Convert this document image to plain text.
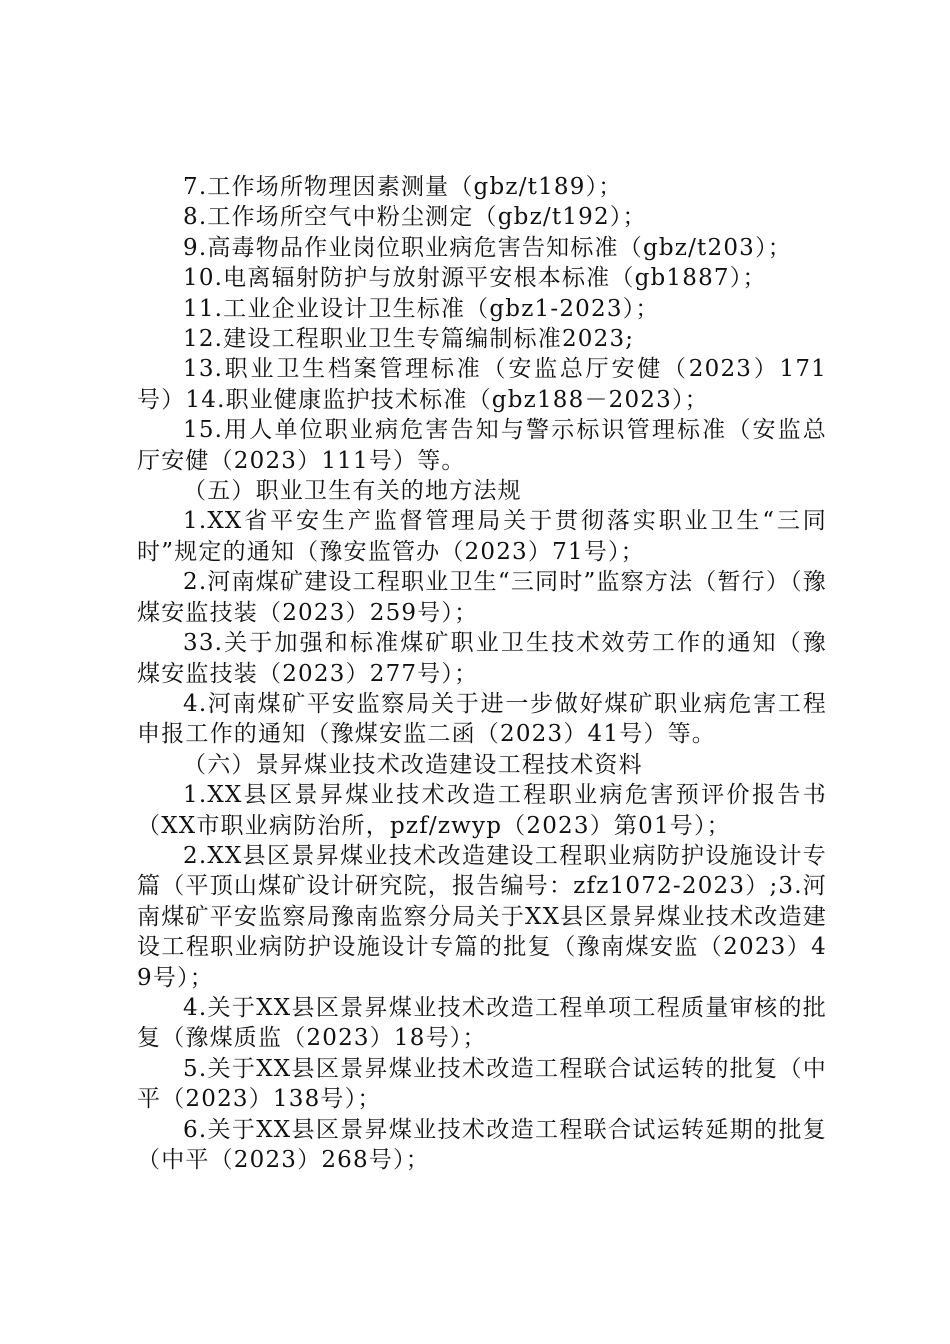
7.工作场所物理因素测量（gbz/t189）；

8.工作场所空气中粉尘测定（gbz/t192）；

9.高毒物品作业岗位职业病危害告知标准（gbz/t203）；

10.电离辐射防护与放射源平安根本标准（gb1887）；

11.工业企业设计卫生标准（gbz1-2023）；

12.建设工程职业卫生专篇编制标准2023;

13.职业卫生档案管理标准（安监总厅安健（2023）171号）14.职业健康监护技术标准（gbz188－2023）；

15.用人单位职业病危害告知与警示标识管理标准（安监总厅安健（2023）111号）等。

（五）职业卫生有关的地方法规

1.XX省平安生产监督管理局关于贯彻落实职业卫生“三同时”规定的通知（豫安监管办（2023）71号）；

2.河南煤矿建设工程职业卫生“三同时”监察方法（暂行）（豫煤安监技装（2023）259号）；

33.关于加强和标准煤矿职业卫生技术效劳工作的通知（豫煤安监技装（2023）277号）；

4.河南煤矿平安监察局关于进一步做好煤矿职业病危害工程申报工作的通知（豫煤安监二函（2023）41号）等。

（六）景昇煤业技术改造建设工程技术资料

1.XX县区景昇煤业技术改造工程职业病危害预评价报告书（XX市职业病防治所，pzf/zwyp（2023）第01号）；

2.XX县区景昇煤业技术改造建设工程职业病防护设施设计专篇（平顶山煤矿设计研究院，报告编号：zfz1072-2023）;3.河南煤矿平安监察局豫南监察分局关于XX县区景昇煤业技术改造建设工程职业病防护设施设计专篇的批复（豫南煤安监（2023）49号）；

4.关于XX县区景昇煤业技术改造工程单项工程质量审核的批复（豫煤质监（2023）18号）；

5.关于XX县区景昇煤业技术改造工程联合试运转的批复（中平（2023）138号）；

6.关于XX县区景昇煤业技术改造工程联合试运转延期的批复（中平（2023）268号）；
